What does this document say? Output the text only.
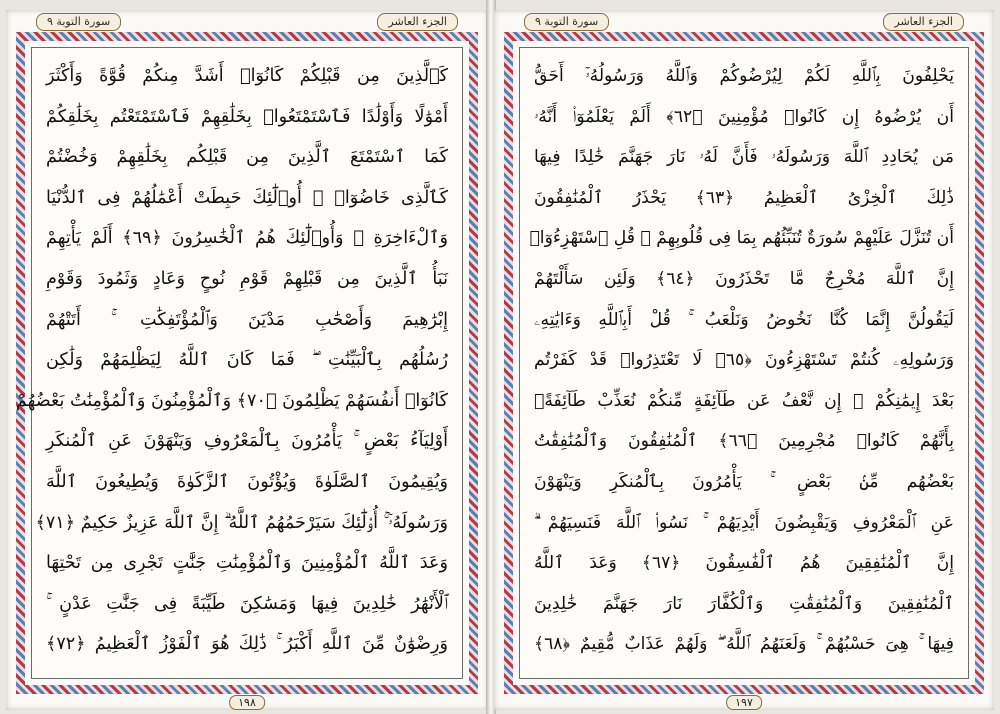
الجزء العاشر
سورة التوبة ٩
كَٱلَّذِينَ مِن قَبْلِكُمْ كَانُوٓا۟ أَشَدَّ مِنكُمْ قُوَّةً وَأَكْثَرَ
أَمْوَٰلًا وَأَوْلَٰدًا فَٱسْتَمْتَعُوا۟ بِخَلَٰقِهِمْ فَٱسْتَمْتَعْتُم بِخَلَٰقِكُمْ
كَمَا ٱسْتَمْتَعَ ٱلَّذِينَ مِن قَبْلِكُم بِخَلَٰقِهِمْ وَخُضْتُمْ
كَٱلَّذِى خَاضُوٓا۟ ۚ أُو۟لَٰٓئِكَ حَبِطَتْ أَعْمَٰلُهُمْ فِى ٱلدُّنْيَا
وَٱلْءَاخِرَةِ ۖ وَأُو۟لَٰٓئِكَ هُمُ ٱلْخَٰسِرُونَ ﴿٦٩﴾ أَلَمْ يَأْتِهِمْ
نَبَأُ ٱلَّذِينَ مِن قَبْلِهِمْ قَوْمِ نُوحٍ وَعَادٍ وَثَمُودَ وَقَوْمِ
إِبْرَٰهِيمَ وَأَصْحَٰبِ مَدْيَنَ وَٱلْمُؤْتَفِكَٰتِ ۚ أَتَتْهُمْ
رُسُلُهُم بِٱلْبَيِّنَٰتِ ۖ فَمَا كَانَ ٱللَّهُ لِيَظْلِمَهُمْ وَلَٰكِن
كَانُوٓا۟ أَنفُسَهُمْ يَظْلِمُونَ ﴿٧٠﴾ وَٱلْمُؤْمِنُونَ وَٱلْمُؤْمِنَٰتُ بَعْضُهُمْ
أَوْلِيَآءُ بَعْضٍ ۚ يَأْمُرُونَ بِٱلْمَعْرُوفِ وَيَنْهَوْنَ عَنِ ٱلْمُنكَرِ
وَيُقِيمُونَ ٱلصَّلَوٰةَ وَيُؤْتُونَ ٱلزَّكَوٰةَ وَيُطِيعُونَ ٱللَّهَ
وَرَسُولَهُۥٓ ۚ أُو۟لَٰٓئِكَ سَيَرْحَمُهُمُ ٱللَّهُ ۗ إِنَّ ٱللَّهَ عَزِيزٌ حَكِيمٌ ﴿٧١﴾
وَعَدَ ٱللَّهُ ٱلْمُؤْمِنِينَ وَٱلْمُؤْمِنَٰتِ جَنَّٰتٍ تَجْرِى مِن تَحْتِهَا
ٱلْأَنْهَٰرُ خَٰلِدِينَ فِيهَا وَمَسَٰكِنَ طَيِّبَةً فِى جَنَّٰتِ عَدْنٍ ۚ
وَرِضْوَٰنٌ مِّنَ ٱللَّهِ أَكْبَرُ ۚ ذَٰلِكَ هُوَ ٱلْفَوْزُ ٱلْعَظِيمُ ﴿٧٢﴾
١٩٨
الجزء العاشر
سورة التوبة ٩
يَحْلِفُونَ بِٱللَّهِ لَكُمْ لِيُرْضُوكُمْ وَٱللَّهُ وَرَسُولُهُۥٓ أَحَقُّ
أَن يُرْضُوهُ إِن كَانُوا۟ مُؤْمِنِينَ ﴿٦٢﴾ أَلَمْ يَعْلَمُوٓا۟ أَنَّهُۥ
مَن يُحَادِدِ ٱللَّهَ وَرَسُولَهُۥ فَأَنَّ لَهُۥ نَارَ جَهَنَّمَ خَٰلِدًا فِيهَا
ذَٰلِكَ ٱلْخِزْىُ ٱلْعَظِيمُ ﴿٦٣﴾ يَحْذَرُ ٱلْمُنَٰفِقُونَ
أَن تُنَزَّلَ عَلَيْهِمْ سُورَةٌ تُنَبِّئُهُم بِمَا فِى قُلُوبِهِمْ ۚ قُلِ ٱسْتَهْزِءُوٓا۟
إِنَّ ٱللَّهَ مُخْرِجٌ مَّا تَحْذَرُونَ ﴿٦٤﴾ وَلَئِن سَأَلْتَهُمْ
لَيَقُولُنَّ إِنَّمَا كُنَّا نَخُوضُ وَنَلْعَبُ ۚ قُلْ أَبِٱللَّهِ وَءَايَٰتِهِۦ
وَرَسُولِهِۦ كُنتُمْ تَسْتَهْزِءُونَ ﴿٦٥﴾ لَا تَعْتَذِرُوا۟ قَدْ كَفَرْتُم
بَعْدَ إِيمَٰنِكُمْ ۚ إِن نَّعْفُ عَن طَآئِفَةٍ مِّنكُمْ نُعَذِّبْ طَآئِفَةًۢ
بِأَنَّهُمْ كَانُوا۟ مُجْرِمِينَ ﴿٦٦﴾ ٱلْمُنَٰفِقُونَ وَٱلْمُنَٰفِقَٰتُ
بَعْضُهُم مِّنۢ بَعْضٍ ۚ يَأْمُرُونَ بِٱلْمُنكَرِ وَيَنْهَوْنَ
عَنِ ٱلْمَعْرُوفِ وَيَقْبِضُونَ أَيْدِيَهُمْ ۚ نَسُوا۟ ٱللَّهَ فَنَسِيَهُمْ ۗ
إِنَّ ٱلْمُنَٰفِقِينَ هُمُ ٱلْفَٰسِقُونَ ﴿٦٧﴾ وَعَدَ ٱللَّهُ
ٱلْمُنَٰفِقِينَ وَٱلْمُنَٰفِقَٰتِ وَٱلْكُفَّارَ نَارَ جَهَنَّمَ خَٰلِدِينَ
فِيهَا ۚ هِىَ حَسْبُهُمْ ۚ وَلَعَنَهُمُ ٱللَّهُ ۖ وَلَهُمْ عَذَابٌ مُّقِيمٌ ﴿٦٨﴾
١٩٧
